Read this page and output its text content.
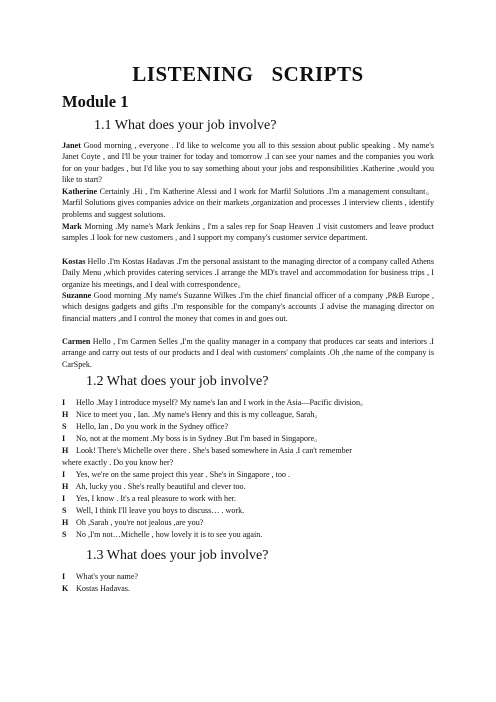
LISTENING SCRIPTS
Module 1
1.1 What does your job involve?
Janet Good morning , everyone . I'd like to welcome you all to this session about public speaking . My name's Janet Coyte , and I'll be your trainer for today and tomorrow .I can see your names and the companies you work for on your badges , but I'd like you to say something about your jobs and responsibilities .Katherine ,would you like to start?
Katherine Certainly .Hi , I'm Katherine Alessi and I work for Marfil Solutions .I'm a management consultant。Marfil Solutions gives companies advice on their markets ,organization and processes .I interview clients , identify problems and suggest solutions.
Mark Morning .My name's Mark Jenkins , I'm a sales rep for Soap Heaven .I visit customers and leave product samples .I look for new customers , and I support my company's customer service department.
Kostas Hello .I'm Kostas Hadavas .I'm the personal assistant to the managing director of a company called Athens Daily Menu ,which provides catering services .I arrange the MD's travel and accommodation for business trips , I organize his meetings, and I deal with correspondence。
Suzanne Good morning .My name's Suzanne Wilkes .I'm the chief financial officer of a company ,P&B Europe , which designs gadgets and gifts .I'm responsible for the company's accounts .I advise the managing director on financial matters ,and I control the money that comes in and goes out.
Carmen Hello , I'm Carmen Selles ,I'm the quality manager in a company that produces car seats and interiors .I arrange and carry out tests of our products and I deal with customers' complaints .Oh ,the name of the company is CarSpek.
1.2 What does your job involve?
I Hello .May I introduce myself? My name's Ian and I work in the Asia—Pacific division。
H Nice to meet you , Ian. .My name's Henry and this is my colleague, Sarah。
S Hello, Ian , Do you work in the Sydney office?
I No, not at the moment .My boss is in Sydney .But I'm based in Singapore。
H Look! There's Michelle over there . She's based somewhere in Asia .I can't remember
where exactly . Do you know her?
I Yes, we're on the same project this year . She's in Singapore , too .
H Ah, lucky you . She's really beautiful and clever too.
I Yes, I know . It's a real pleasure to work with her.
S Well, I think I'll leave you boys to discuss… . work.
H Oh ,Sarah , you're not jealous ,are you?
S No ,I'm not…Michelle , how lovely it is to see you again.
1.3 What does your job involve?
I What's your name?
K Kostas Hadavas.
